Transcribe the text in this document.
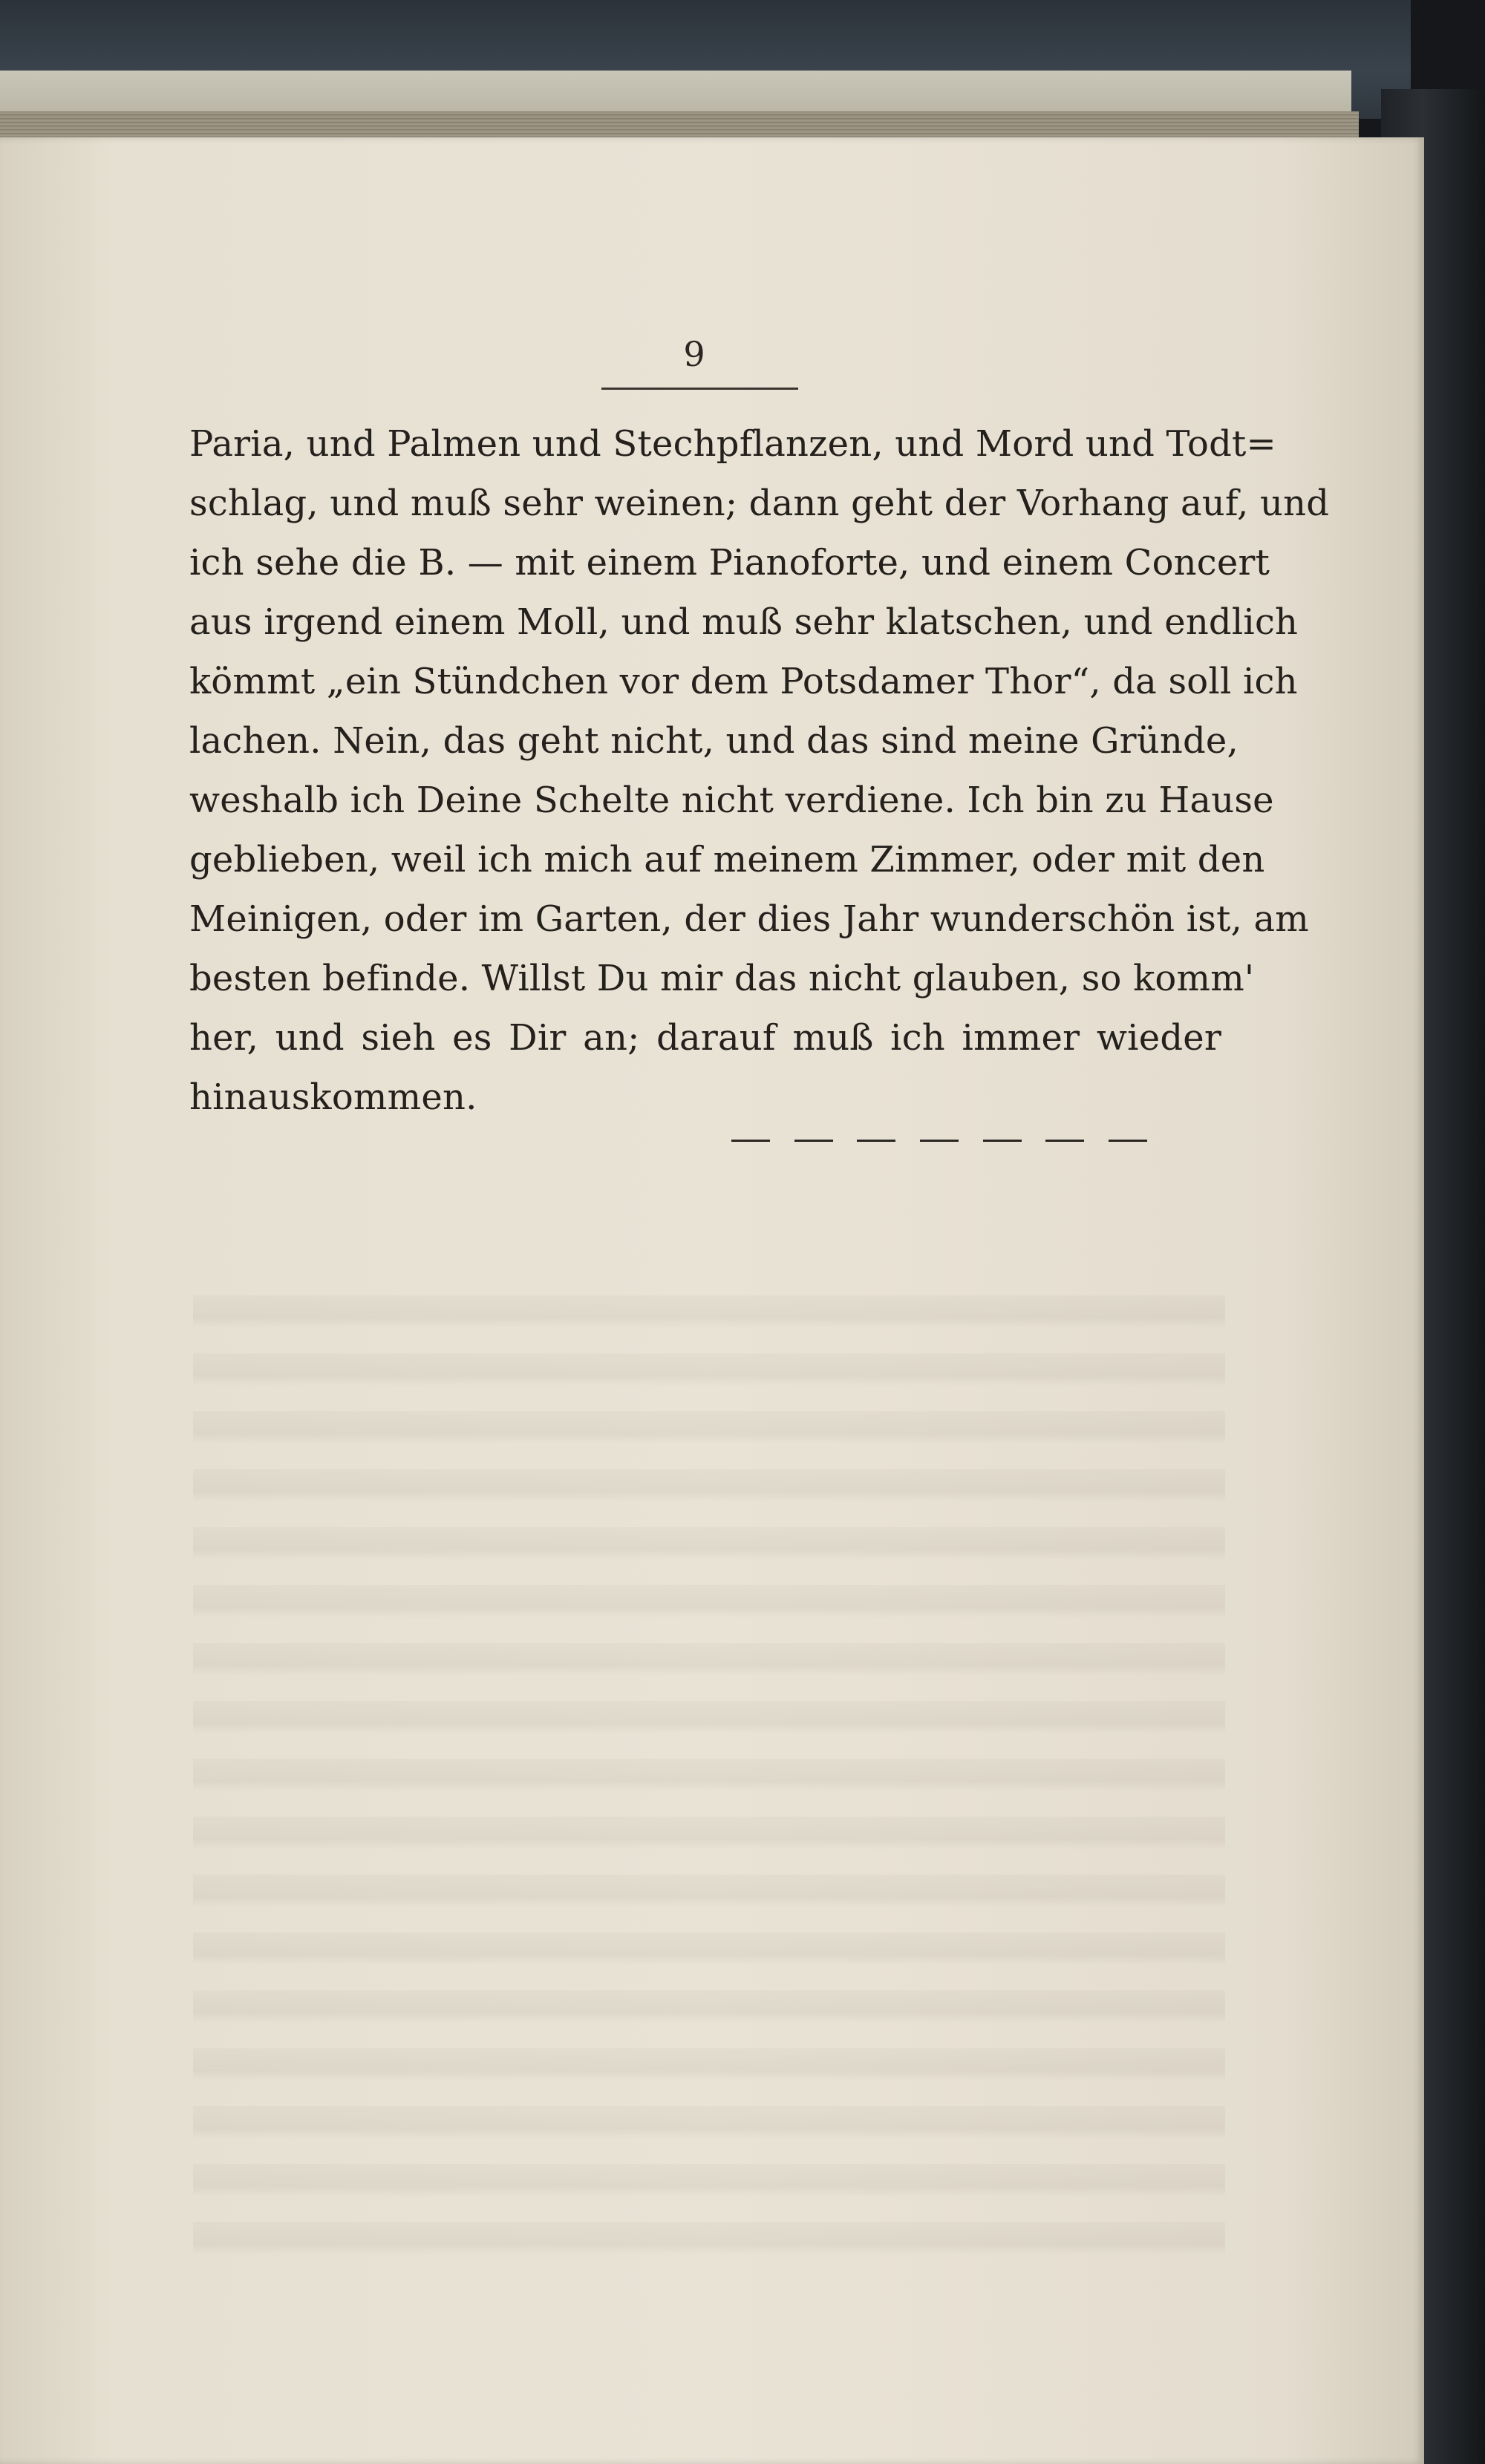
9
Paria, und Palmen und Stechpflanzen, und Mord und Todt=
schlag, und muß sehr weinen; dann geht der Vorhang auf, und
ich sehe die B. — mit einem Pianoforte, und einem Concert
aus irgend einem Moll, und muß sehr klatschen, und endlich
kömmt „ein Stündchen vor dem Potsdamer Thor“, da soll ich
lachen. Nein, das geht nicht, und das sind meine Gründe,
weshalb ich Deine Schelte nicht verdiene. Ich bin zu Hause
geblieben, weil ich mich auf meinem Zimmer, oder mit den
Meinigen, oder im Garten, der dies Jahr wunderschön ist, am
besten befinde. Willst Du mir das nicht glauben, so komm'
her, und sieh es Dir an; darauf muß ich immer wieder
hinauskommen.
